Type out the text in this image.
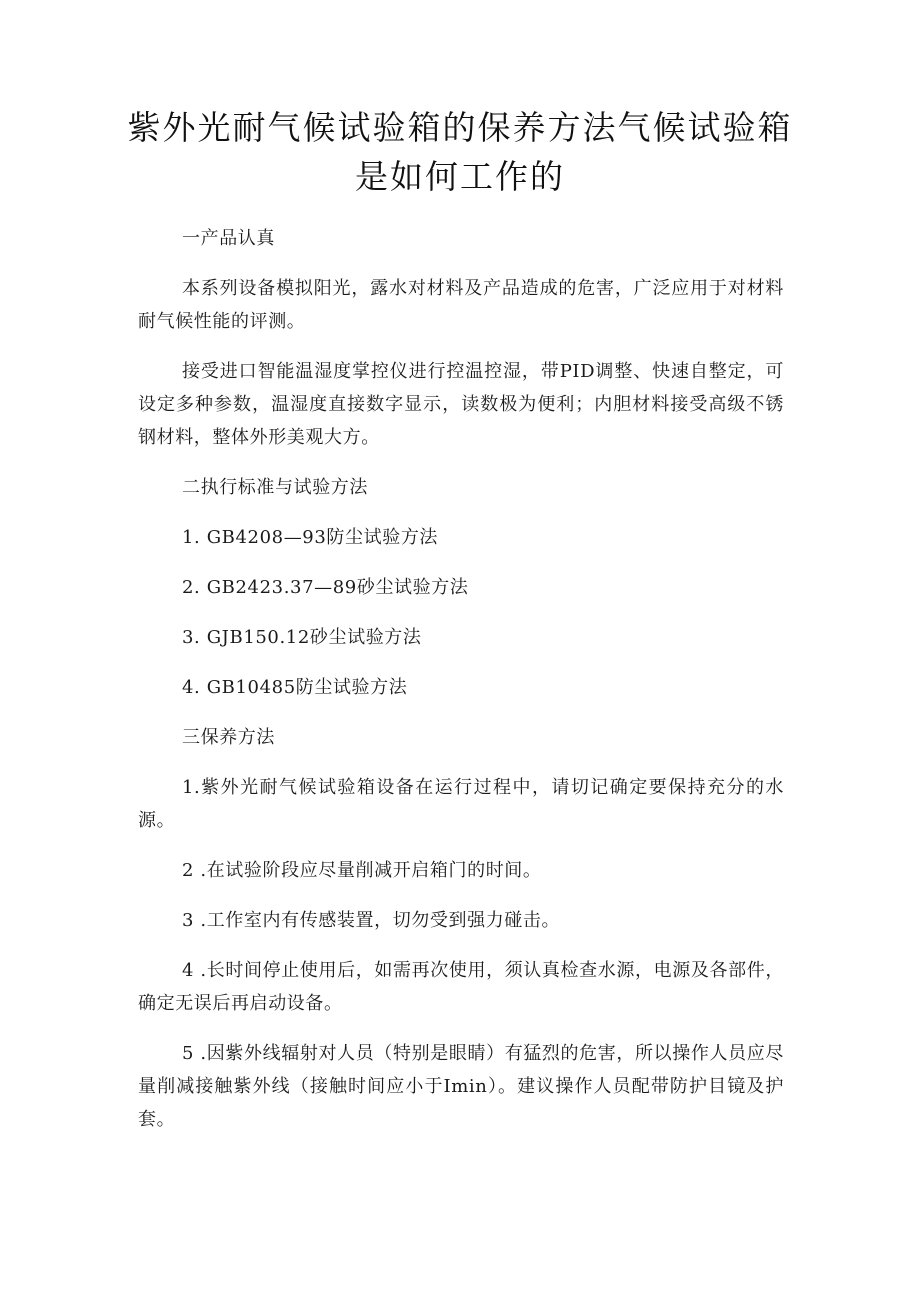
紫外光耐气候试验箱的保养方法气候试验箱是如何工作的

一产品认真

本系列设备模拟阳光，露水对材料及产品造成的危害，广泛应用于对材料耐气候性能的评测。

接受进口智能温湿度掌控仪进行控温控湿，带PID调整、快速自整定，可设定多种参数，温湿度直接数字显示，读数极为便利；内胆材料接受高级不锈钢材料，整体外形美观大方。

二执行标准与试验方法

1. GB4208—93防尘试验方法

2. GB2423.37—89砂尘试验方法

3. GJB150.12砂尘试验方法

4. GB10485防尘试验方法

三保养方法

1.紫外光耐气候试验箱设备在运行过程中，请切记确定要保持充分的水源。

2 .在试验阶段应尽量削减开启箱门的时间。

3 .工作室内有传感装置，切勿受到强力碰击。

4 .长时间停止使用后，如需再次使用，须认真检查水源，电源及各部件，确定无误后再启动设备。

5 .因紫外线辐射对人员（特别是眼睛）有猛烈的危害，所以操作人员应尽量削减接触紫外线（接触时间应小于Imin）。建议操作人员配带防护目镜及护套。
